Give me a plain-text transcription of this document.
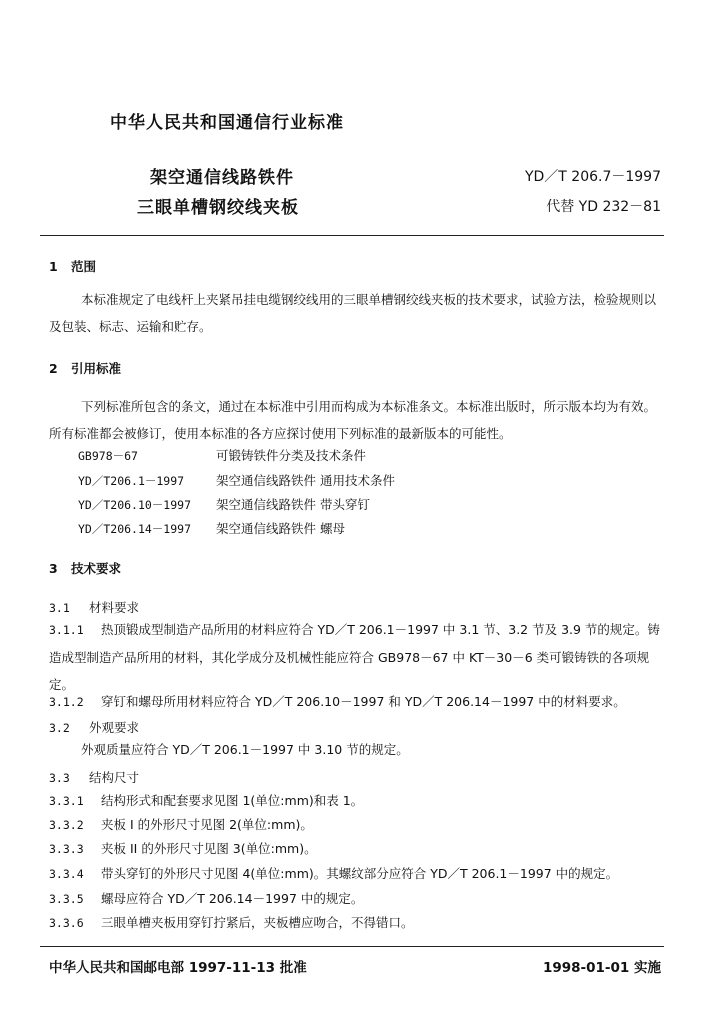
中华人民共和国通信行业标准
架空通信线路铁件
三眼单槽钢绞线夹板
YD／T 206.7－1997
代替 YD 232－81
1 范围
本标准规定了电线杆上夹紧吊挂电缆钢绞线用的三眼单槽钢绞线夹板的技术要求，试验方法，检验规则以及包装、标志、运输和贮存。
2 引用标准
下列标准所包含的条文，通过在本标准中引用而构成为本标准条文。本标准出版时，所示版本均为有效。所有标准都会被修订，使用本标准的各方应探讨使用下列标准的最新版本的可能性。
GB978－67	可锻铸铁件分类及技术条件
YD／T206.1－1997	架空通信线路铁件 通用技术条件
YD／T206.10－1997 架空通信线路铁件 带头穿钉
YD／T206.14－1997 架空通信线路铁件 螺母
3 技术要求
3.1 材料要求
3.1.1 热顶锻成型制造产品所用的材料应符合 YD／T 206.1－1997 中 3.1 节、3.2 节及 3.9 节的规定。铸造成型制造产品所用的材料，其化学成分及机械性能应符合 GB978－67 中 KT－30－6 类可锻铸铁的各项规定。
3.1.2 穿钉和螺母所用材料应符合 YD／T 206.10－1997 和 YD／T 206.14－1997 中的材料要求。
3.2 外观要求
外观质量应符合 YD／T 206.1－1997 中 3.10 节的规定。
3.3 结构尺寸
3.3.1 结构形式和配套要求见图 1(单位:mm)和表 1。
3.3.2 夹板 I 的外形尺寸见图 2(单位:mm)。
3.3.3 夹板 II 的外形尺寸见图 3(单位:mm)。
3.3.4 带头穿钉的外形尺寸见图 4(单位:mm)。其螺纹部分应符合 YD／T 206.1－1997 中的规定。
3.3.5 螺母应符合 YD／T 206.14－1997 中的规定。
3.3.6 三眼单槽夹板用穿钉拧紧后，夹板槽应吻合，不得错口。
中华人民共和国邮电部 1997-11-13 批准	1998-01-01 实施
